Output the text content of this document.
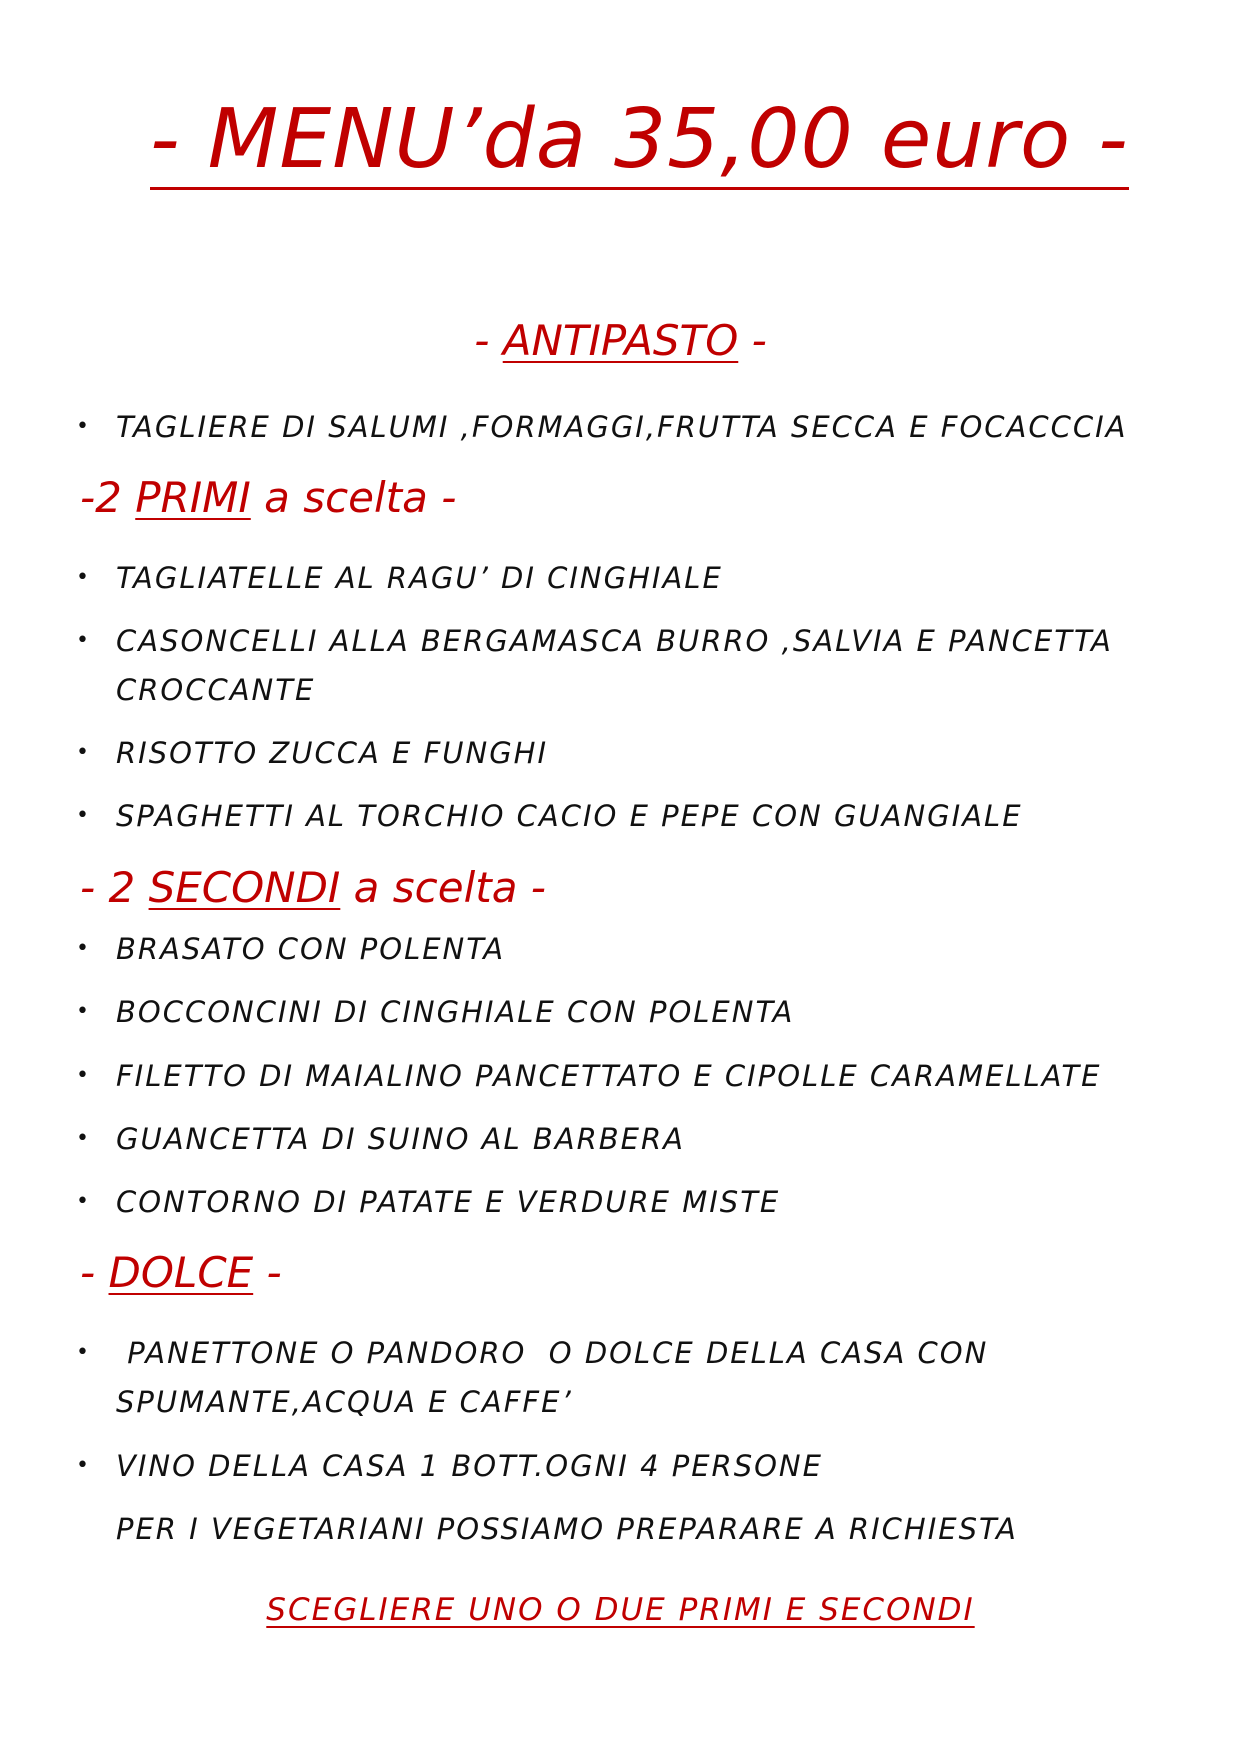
- MENU’da 35,00 euro -
- ANTIPASTO -
• TAGLIERE DI SALUMI ,FORMAGGI,FRUTTA SECCA E FOCACCCIA
-2 PRIMI a scelta -
• TAGLIATELLE AL RAGU’ DI CINGHIALE
• CASONCELLI ALLA BERGAMASCA BURRO ,SALVIA E PANCETTA
CROCCANTE
• RISOTTO ZUCCA E FUNGHI
• SPAGHETTI AL TORCHIO CACIO E PEPE CON GUANGIALE
- 2 SECONDI a scelta -
• BRASATO CON POLENTA
• BOCCONCINI DI CINGHIALE CON POLENTA
• FILETTO DI MAIALINO PANCETTATO E CIPOLLE CARAMELLATE
• GUANCETTA DI SUINO AL BARBERA
• CONTORNO DI PATATE E VERDURE MISTE
- DOLCE -
• PANETTONE O PANDORO  O DOLCE DELLA CASA CON
SPUMANTE,ACQUA E CAFFE’
• VINO DELLA CASA 1 BOTT.OGNI 4 PERSONE
PER I VEGETARIANI POSSIAMO PREPARARE A RICHIESTA
SCEGLIERE UNO O DUE PRIMI E SECONDI
